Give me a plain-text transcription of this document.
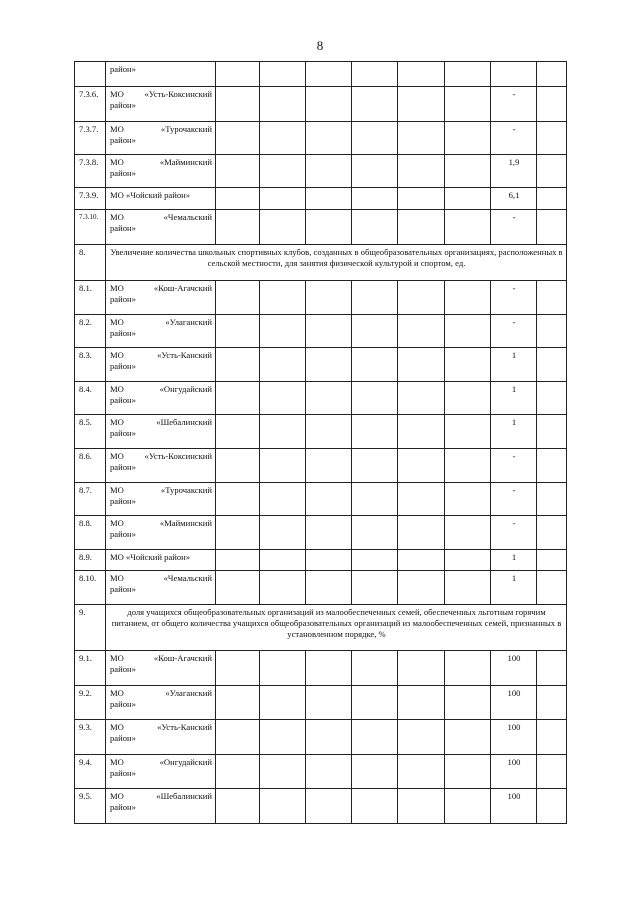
8

	район»								

7.3.6.	МО «Усть-Коксинский
район»							-	
7.3.7.	МО «Турочакский
район»							-	
7.3.8.	МО «Майминский
район»							1,9	
7.3.9.	МО «Чойский район»							6,1	
7.3.10.	МО «Чемальский
район»							-	
8.	Увеличение количества школьных спортивных клубов, созданных в общеобразовательных организациях, расположенных в сельской местности, для занятия физической культурой и спортом, ед.								
8.1.	МО «Кош-Агачский
район»							-	
8.2.	МО «Улаганский
район»							-	
8.3.	МО «Усть-Канский
район»							1	
8.4.	МО «Онгудайский
район»							1	
8.5.	МО «Шебалинский
район»							1	
8.6.	МО «Усть-Коксинский
район»							-	
8.7.	МО «Турочакский
район»							-	
8.8.	МО «Майминский
район»							-	
8.9.	МО «Чойский район»							1	
8.10.	МО «Чемальский
район»							1	
9.	доля учащихся общеобразовательных организаций из малообеспеченных семей, обеспеченных льготным горячим питанием, от общего количества учащихся общеобразовательных организаций из малообеспеченных семей, признанных в установленном порядке, %								
9.1.	МО «Кош-Агачский
район»							100	
9.2.	МО «Улаганский
район»							100	
9.3.	МО «Усть-Канский
район»							100	
9.4.	МО «Онгудайский
район»							100	
9.5.	МО «Шебалинский
район»							100	
